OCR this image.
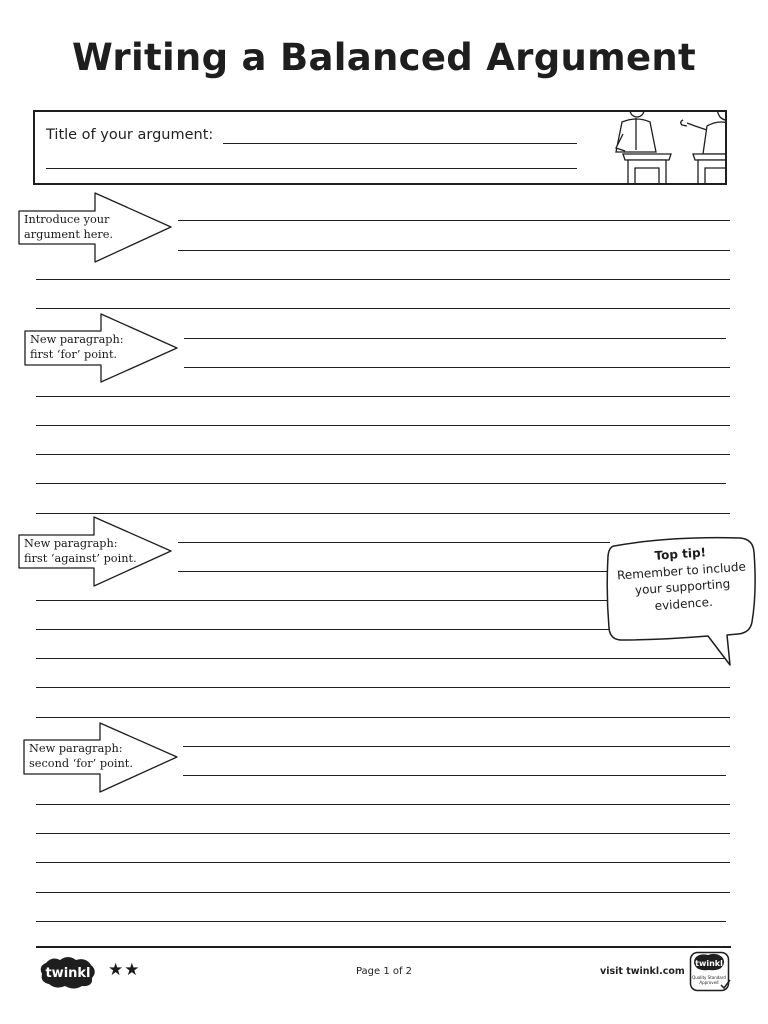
Writing a Balanced Argument
Title of your argument:
Introduce your
argument here.
New paragraph:
first ‘for’ point.
New paragraph:
first ‘against’ point.
New paragraph:
second ‘for’ point.
Top tip!
Remember to include your supporting evidence.
twinkl ★★	Page 1 of 2	visit twinkl.com
twinkl
Quality Standard
Approved
